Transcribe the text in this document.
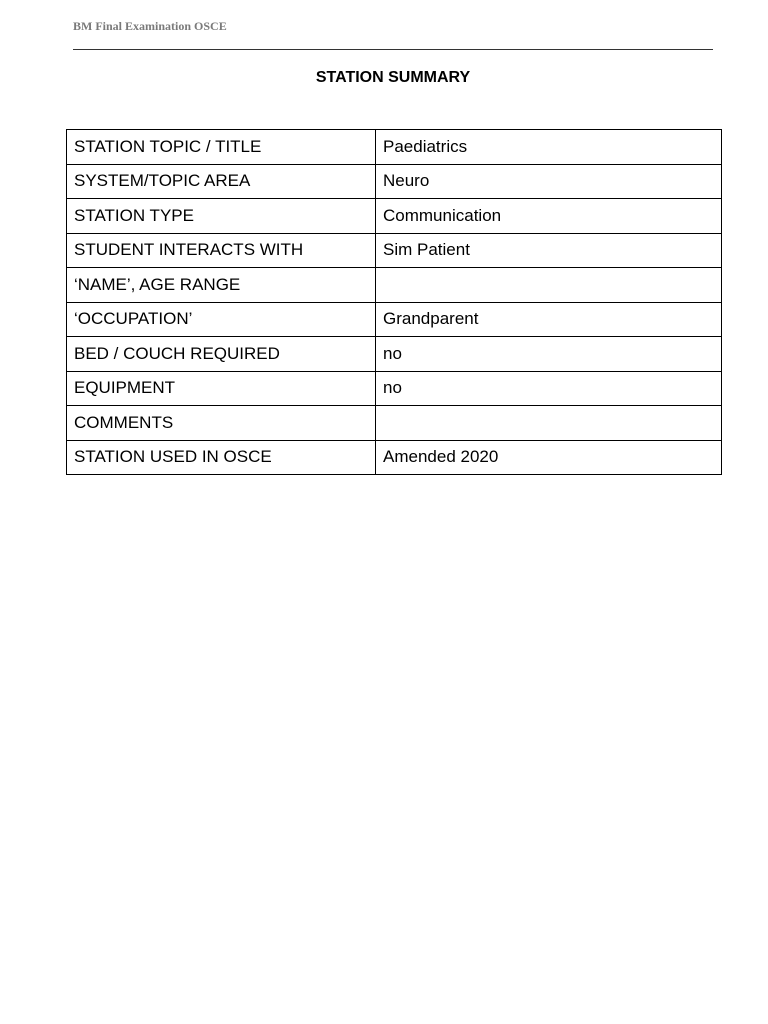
BM Final Examination OSCE
STATION SUMMARY
STATION TOPIC / TITLE	Paediatrics
SYSTEM/TOPIC AREA	Neuro
STATION TYPE	Communication
STUDENT INTERACTS WITH	Sim Patient
‘NAME’, AGE RANGE	
‘OCCUPATION’	Grandparent
BED / COUCH REQUIRED	no
EQUIPMENT	no
COMMENTS	
STATION USED IN OSCE	Amended 2020
